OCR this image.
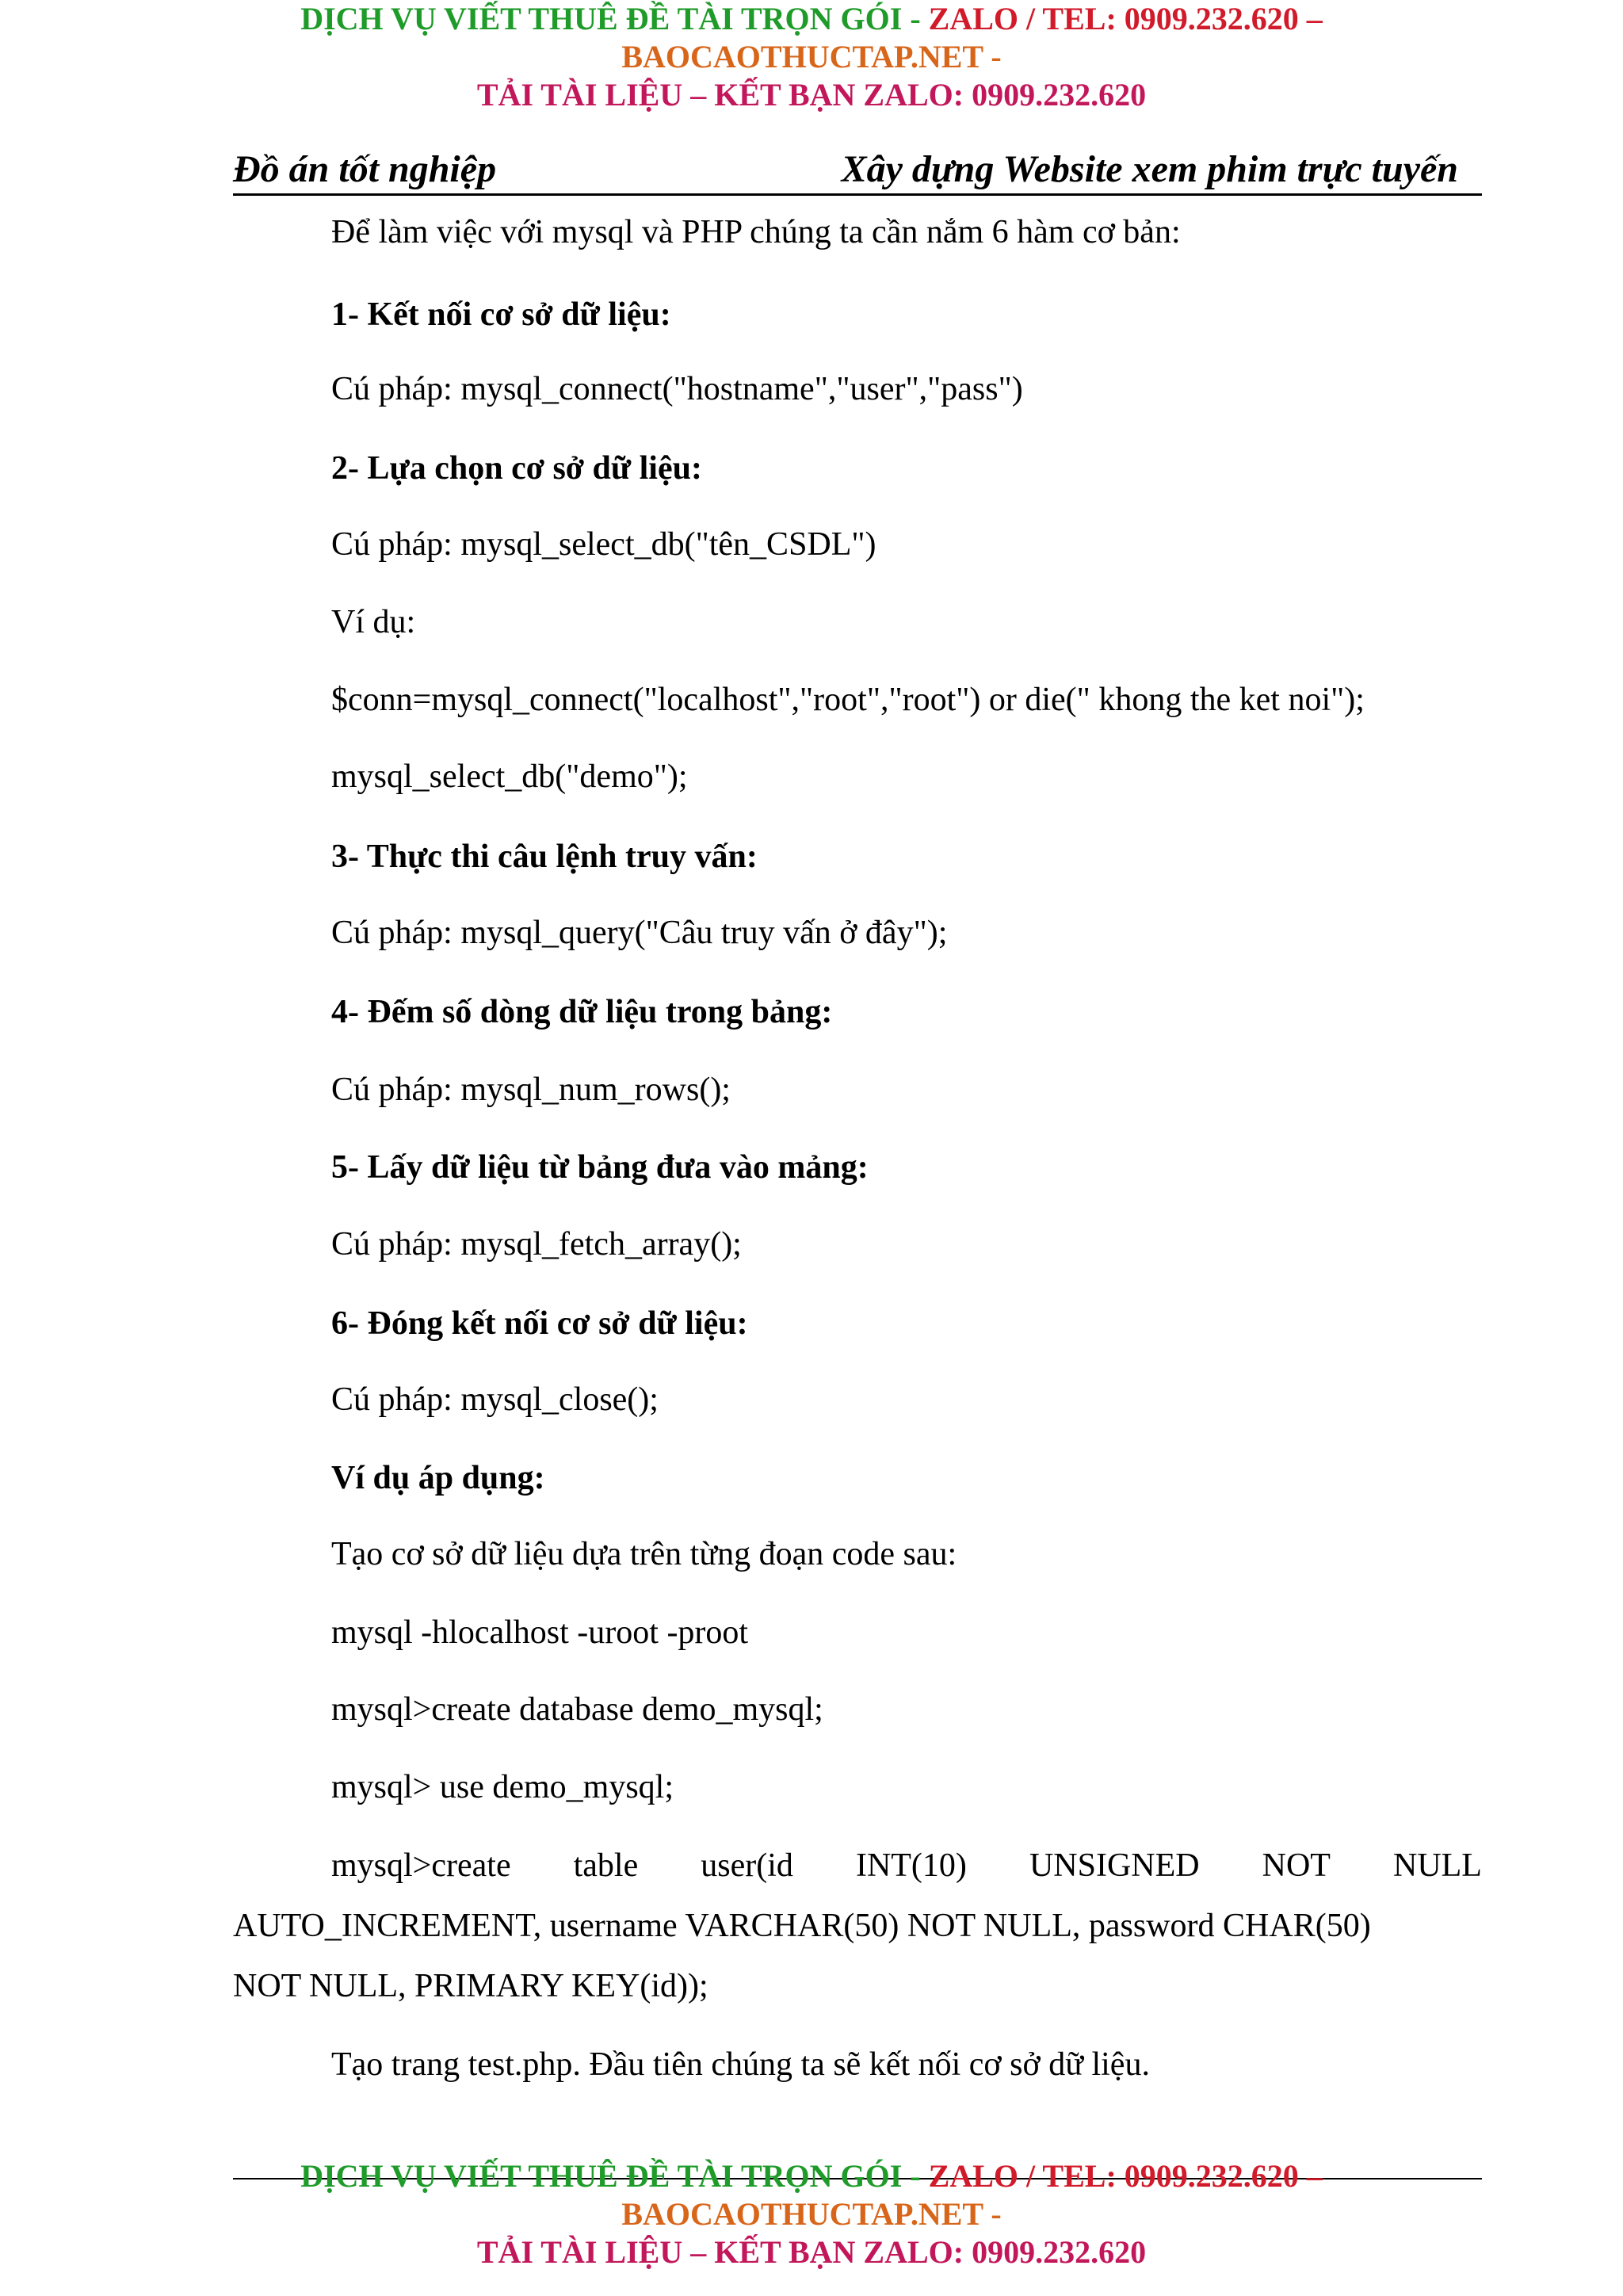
DỊCH VỤ VIẾT THUÊ ĐỀ TÀI TRỌN GÓI - ZALO / TEL: 0909.232.620 –
BAOCAOTHUCTAP.NET -
TẢI TÀI LIỆU – KẾT BẠN ZALO: 0909.232.620
Đồ án tốt nghiệp	Xây dựng Website xem phim trực tuyến
Để làm việc với mysql và PHP chúng ta cần nắm 6 hàm cơ bản:
1- Kết nối cơ sở dữ liệu:
Cú pháp: mysql_connect("hostname","user","pass")
2- Lựa chọn cơ sở dữ liệu:
Cú pháp: mysql_select_db("tên_CSDL")
Ví dụ:
$conn=mysql_connect("localhost","root","root") or die(" khong the ket noi");
mysql_select_db("demo");
3- Thực thi câu lệnh truy vấn:
Cú pháp: mysql_query("Câu truy vấn ở đây");
4- Đếm số dòng dữ liệu trong bảng:
Cú pháp: mysql_num_rows();
5- Lấy dữ liệu từ bảng đưa vào mảng:
Cú pháp: mysql_fetch_array();
6- Đóng kết nối cơ sở dữ liệu:
Cú pháp: mysql_close();
Ví dụ áp dụng:
Tạo cơ sở dữ liệu dựa trên từng đoạn code sau:
mysql -hlocalhost -uroot -proot
mysql>create database demo_mysql;
mysql> use demo_mysql;
mysql>create table user(id INT(10) UNSIGNED NOT NULL
AUTO_INCREMENT, username VARCHAR(50) NOT NULL, password CHAR(50)
NOT NULL, PRIMARY KEY(id));
Tạo trang test.php. Đầu tiên chúng ta sẽ kết nối cơ sở dữ liệu.
DỊCH VỤ VIẾT THUÊ ĐỀ TÀI TRỌN GÓI - ZALO / TEL: 0909.232.620 –
BAOCAOTHUCTAP.NET -
TẢI TÀI LIỆU – KẾT BẠN ZALO: 0909.232.620
